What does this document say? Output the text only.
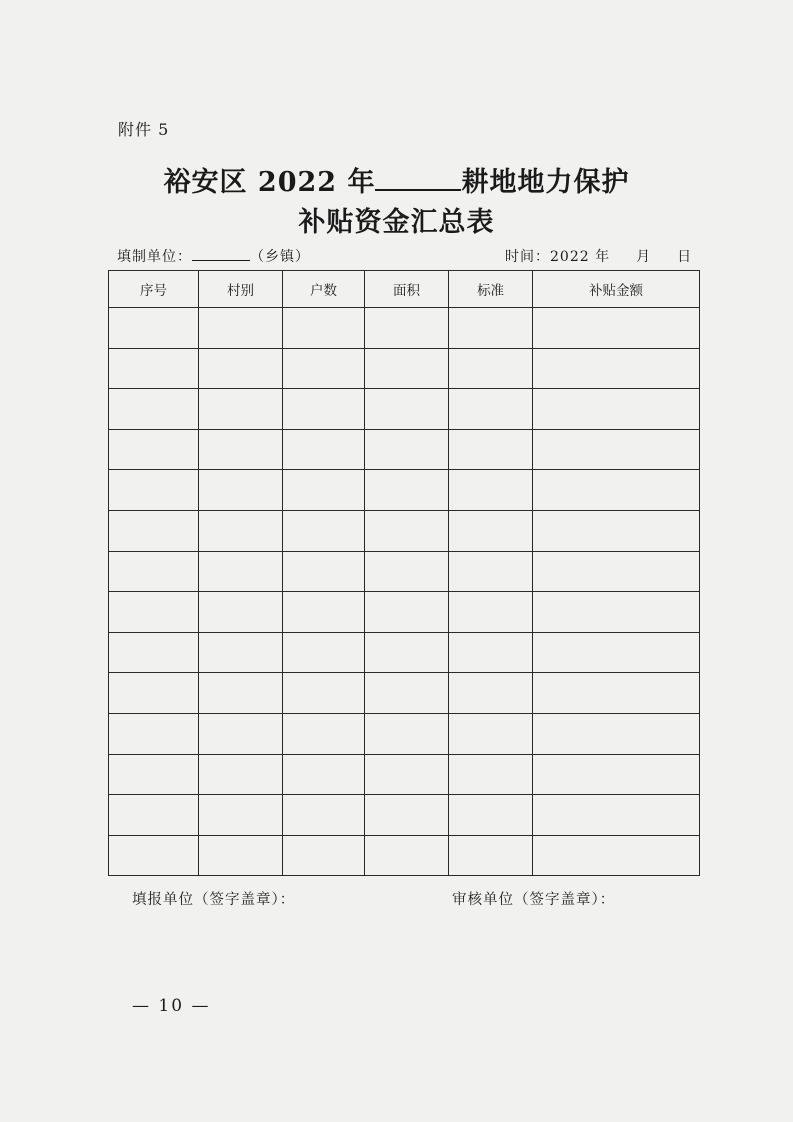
附件 5
裕安区 2022 年	耕地地力保护
补贴资金汇总表
填制单位：	（乡镇）	时间：2022 年 月 日
序号	村别	户数	面积	标准	补贴金额

填报单位（签字盖章）：	审核单位（签字盖章）：
— 10 —
